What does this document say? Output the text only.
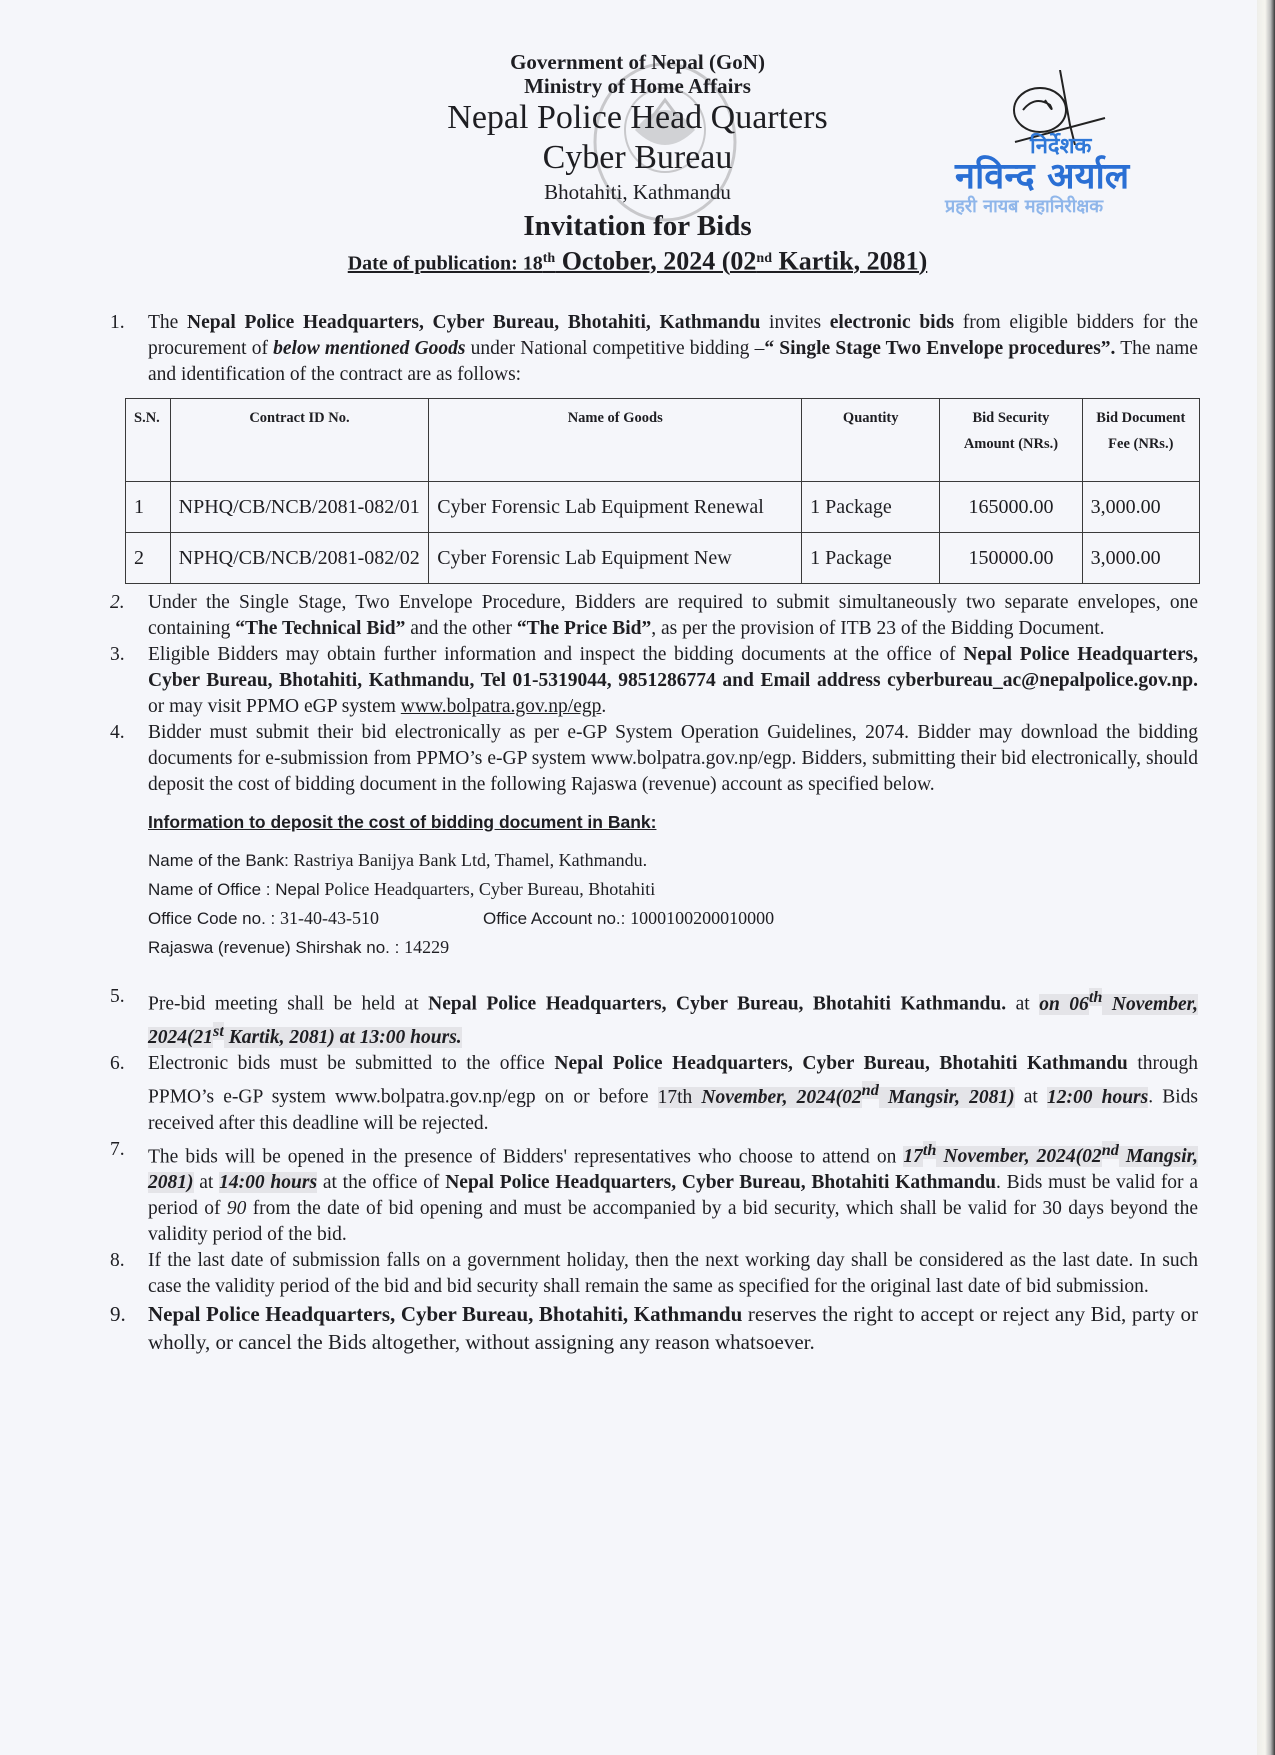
Government of Nepal (GoN)
Ministry of Home Affairs
Nepal Police Head Quarters
Cyber Bureau
Bhotahiti, Kathmandu
Invitation for Bids
Date of publication: 18th October, 2024 (02nd Kartik, 2081)
निर्देशक
नविन्द अर्याल
प्रहरी नायब महानिरीक्षक
1. The Nepal Police Headquarters, Cyber Bureau, Bhotahiti, Kathmandu invites electronic bids from eligible bidders for the procurement of below mentioned Goods under National competitive bidding –“ Single Stage Two Envelope procedures”. The name and identification of the contract are as follows:
S.N.	Contract ID No.	Name of Goods	Quantity	Bid Security Amount (NRs.)	Bid Document Fee (NRs.)
1	NPHQ/CB/NCB/2081-082/01	Cyber Forensic Lab Equipment Renewal	1 Package	165000.00	3,000.00
2	NPHQ/CB/NCB/2081-082/02	Cyber Forensic Lab Equipment New	1 Package	150000.00	3,000.00
2. Under the Single Stage, Two Envelope Procedure, Bidders are required to submit simultaneously two separate envelopes, one containing “The Technical Bid” and the other “The Price Bid”, as per the provision of ITB 23 of the Bidding Document.
3. Eligible Bidders may obtain further information and inspect the bidding documents at the office of Nepal Police Headquarters, Cyber Bureau, Bhotahiti, Kathmandu, Tel 01-5319044, 9851286774 and Email address cyberbureau_ac@nepalpolice.gov.np. or may visit PPMO eGP system www.bolpatra.gov.np/egp.
4. Bidder must submit their bid electronically as per e-GP System Operation Guidelines, 2074. Bidder may download the bidding documents for e-submission from PPMO’s e-GP system www.bolpatra.gov.np/egp. Bidders, submitting their bid electronically, should deposit the cost of bidding document in the following Rajaswa (revenue) account as specified below.
Information to deposit the cost of bidding document in Bank:
Name of the Bank: Rastriya Banijya Bank Ltd, Thamel, Kathmandu.
Name of Office : Nepal Police Headquarters, Cyber Bureau, Bhotahiti
Office Code no. : 31-40-43-510	Office Account no.: 1000100200010000
Rajaswa (revenue) Shirshak no. : 14229
5. Pre-bid meeting shall be held at Nepal Police Headquarters, Cyber Bureau, Bhotahiti Kathmandu. at on 06th November, 2024(21st Kartik, 2081) at 13:00 hours.
6. Electronic bids must be submitted to the office Nepal Police Headquarters, Cyber Bureau, Bhotahiti Kathmandu through PPMO’s e-GP system www.bolpatra.gov.np/egp on or before 17th November, 2024(02nd Mangsir, 2081) at 12:00 hours. Bids received after this deadline will be rejected.
7. The bids will be opened in the presence of Bidders' representatives who choose to attend on 17th November, 2024(02nd Mangsir, 2081) at 14:00 hours at the office of Nepal Police Headquarters, Cyber Bureau, Bhotahiti Kathmandu. Bids must be valid for a period of 90 from the date of bid opening and must be accompanied by a bid security, which shall be valid for 30 days beyond the validity period of the bid.
8. If the last date of submission falls on a government holiday, then the next working day shall be considered as the last date. In such case the validity period of the bid and bid security shall remain the same as specified for the original last date of bid submission.
9. Nepal Police Headquarters, Cyber Bureau, Bhotahiti, Kathmandu reserves the right to accept or reject any Bid, party or wholly, or cancel the Bids altogether, without assigning any reason whatsoever.
